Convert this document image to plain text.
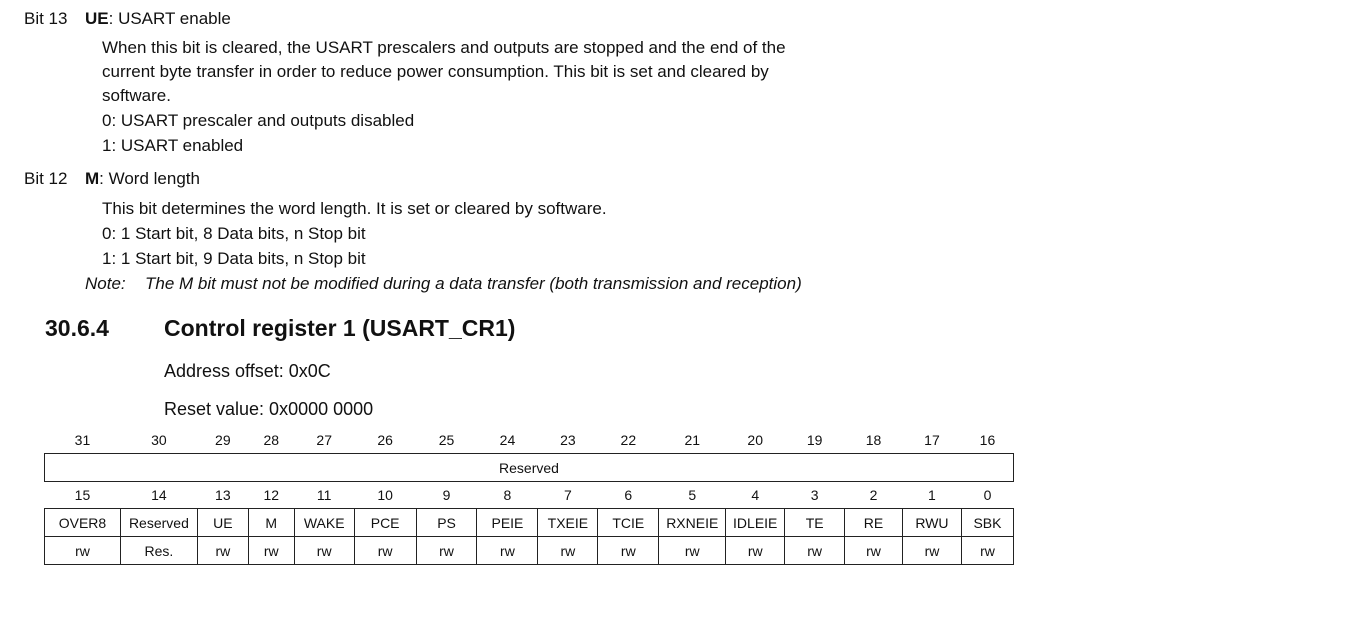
Bit 13 UE: USART enable
When this bit is cleared, the USART prescalers and outputs are stopped and the end of the
current byte transfer in order to reduce power consumption. This bit is set and cleared by
software.
0: USART prescaler and outputs disabled
1: USART enabled
Bit 12 M: Word length
This bit determines the word length. It is set or cleared by software.
0: 1 Start bit, 8 Data bits, n Stop bit
1: 1 Start bit, 9 Data bits, n Stop bit
Note: The M bit must not be modified during a data transfer (both transmission and reception)
30.6.4 Control register 1 (USART_CR1)
Address offset: 0x0C
Reset value: 0x0000 0000
31	30	29	28	27	26	25	24	23	22	21	20	19	18	17	16
Reserved															
15	14	13	12	11	10	9	8	7	6	5	4	3	2	1	0
OVER8	Reserved	UE	M	WAKE	PCE	PS	PEIE	TXEIE	TCIE	RXNEIE	IDLEIE	TE	RE	RWU	SBK
rw	Res.	rw	rw	rw	rw	rw	rw	rw	rw	rw	rw	rw	rw	rw	rw
